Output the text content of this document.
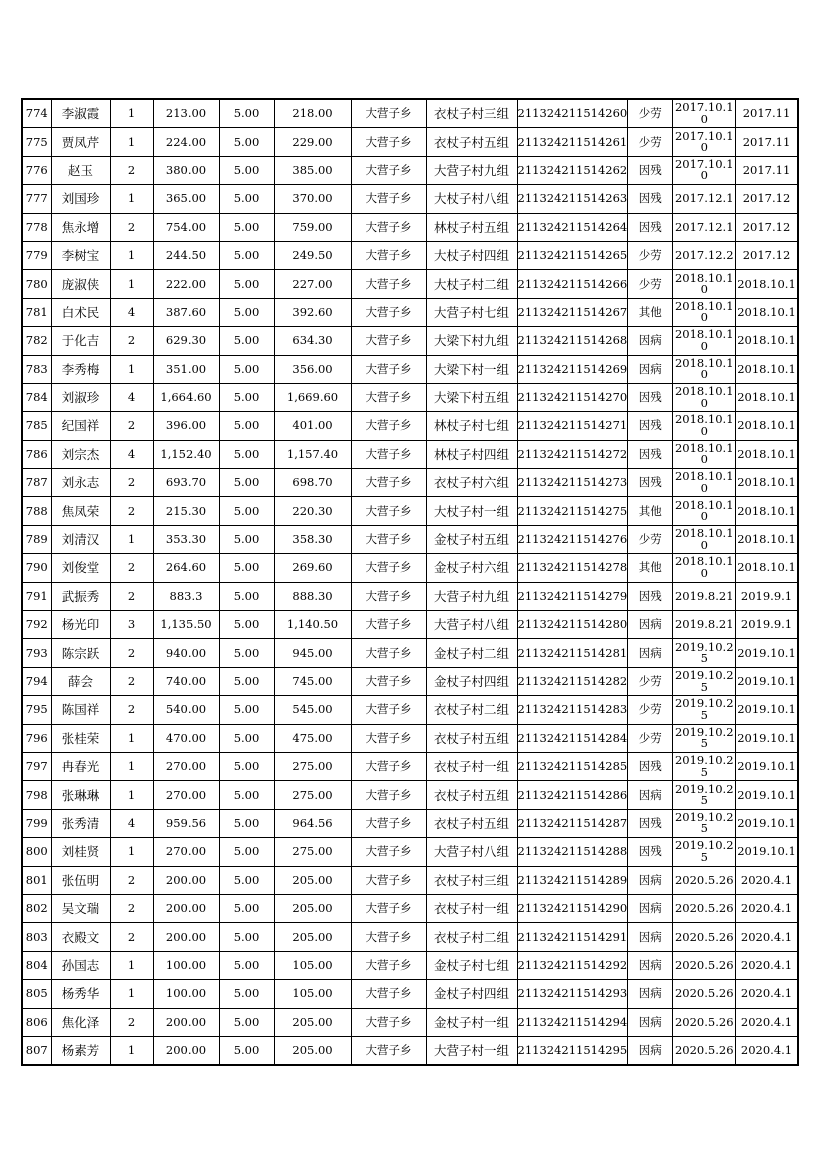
774	李淑霞	1	213.00	5.00	218.00	大营子乡	衣杖子村三组	211324211514260	少劳	2017.10.10	2017.11
775	贾凤芹	1	224.00	5.00	229.00	大营子乡	衣杖子村五组	211324211514261	少劳	2017.10.10	2017.11
776	赵玉	2	380.00	5.00	385.00	大营子乡	大营子村九组	211324211514262	因残	2017.10.10	2017.11
777	刘国珍	1	365.00	5.00	370.00	大营子乡	大杖子村八组	211324211514263	因残	2017.12.1	2017.12
778	焦永增	2	754.00	5.00	759.00	大营子乡	林杖子村五组	211324211514264	因残	2017.12.1	2017.12
779	李树宝	1	244.50	5.00	249.50	大营子乡	大杖子村四组	211324211514265	少劳	2017.12.2	2017.12
780	庞淑侠	1	222.00	5.00	227.00	大营子乡	大杖子村二组	211324211514266	少劳	2018.10.10	2018.10.1
781	白术民	4	387.60	5.00	392.60	大营子乡	大营子村七组	211324211514267	其他	2018.10.10	2018.10.1
782	于化吉	2	629.30	5.00	634.30	大营子乡	大梁下村九组	211324211514268	因病	2018.10.10	2018.10.1
783	李秀梅	1	351.00	5.00	356.00	大营子乡	大梁下村一组	211324211514269	因病	2018.10.10	2018.10.1
784	刘淑珍	4	1,664.60	5.00	1,669.60	大营子乡	大梁下村五组	211324211514270	因残	2018.10.10	2018.10.1
785	纪国祥	2	396.00	5.00	401.00	大营子乡	林杖子村七组	211324211514271	因残	2018.10.10	2018.10.1
786	刘宗杰	4	1,152.40	5.00	1,157.40	大营子乡	林杖子村四组	211324211514272	因残	2018.10.10	2018.10.1
787	刘永志	2	693.70	5.00	698.70	大营子乡	衣杖子村六组	211324211514273	因残	2018.10.10	2018.10.1
788	焦凤荣	2	215.30	5.00	220.30	大营子乡	大杖子村一组	211324211514275	其他	2018.10.10	2018.10.1
789	刘清汉	1	353.30	5.00	358.30	大营子乡	金杖子村五组	211324211514276	少劳	2018.10.10	2018.10.1
790	刘俊堂	2	264.60	5.00	269.60	大营子乡	金杖子村六组	211324211514278	其他	2018.10.10	2018.10.1
791	武振秀	2	883.3	5.00	888.30	大营子乡	大营子村九组	211324211514279	因残	2019.8.21	2019.9.1
792	杨光印	3	1,135.50	5.00	1,140.50	大营子乡	大营子村八组	211324211514280	因病	2019.8.21	2019.9.1
793	陈宗跃	2	940.00	5.00	945.00	大营子乡	金杖子村二组	211324211514281	因病	2019.10.25	2019.10.1
794	薛会	2	740.00	5.00	745.00	大营子乡	金杖子村四组	211324211514282	少劳	2019.10.25	2019.10.1
795	陈国祥	2	540.00	5.00	545.00	大营子乡	衣杖子村二组	211324211514283	少劳	2019.10.25	2019.10.1
796	张桂荣	1	470.00	5.00	475.00	大营子乡	衣杖子村五组	211324211514284	少劳	2019.10.25	2019.10.1
797	冉春光	1	270.00	5.00	275.00	大营子乡	衣杖子村一组	211324211514285	因残	2019.10.25	2019.10.1
798	张琳琳	1	270.00	5.00	275.00	大营子乡	衣杖子村五组	211324211514286	因病	2019.10.25	2019.10.1
799	张秀清	4	959.56	5.00	964.56	大营子乡	衣杖子村五组	211324211514287	因残	2019.10.25	2019.10.1
800	刘桂贤	1	270.00	5.00	275.00	大营子乡	大营子村八组	211324211514288	因残	2019.10.25	2019.10.1
801	张伍明	2	200.00	5.00	205.00	大营子乡	衣杖子村三组	211324211514289	因病	2020.5.26	2020.4.1
802	吴文瑞	2	200.00	5.00	205.00	大营子乡	衣杖子村一组	211324211514290	因病	2020.5.26	2020.4.1
803	衣殿文	2	200.00	5.00	205.00	大营子乡	衣杖子村二组	211324211514291	因病	2020.5.26	2020.4.1
804	孙国志	1	100.00	5.00	105.00	大营子乡	金杖子村七组	211324211514292	因病	2020.5.26	2020.4.1
805	杨秀华	1	100.00	5.00	105.00	大营子乡	金杖子村四组	211324211514293	因病	2020.5.26	2020.4.1
806	焦化泽	2	200.00	5.00	205.00	大营子乡	金杖子村一组	211324211514294	因病	2020.5.26	2020.4.1
807	杨素芳	1	200.00	5.00	205.00	大营子乡	大营子村一组	211324211514295	因病	2020.5.26	2020.4.1
